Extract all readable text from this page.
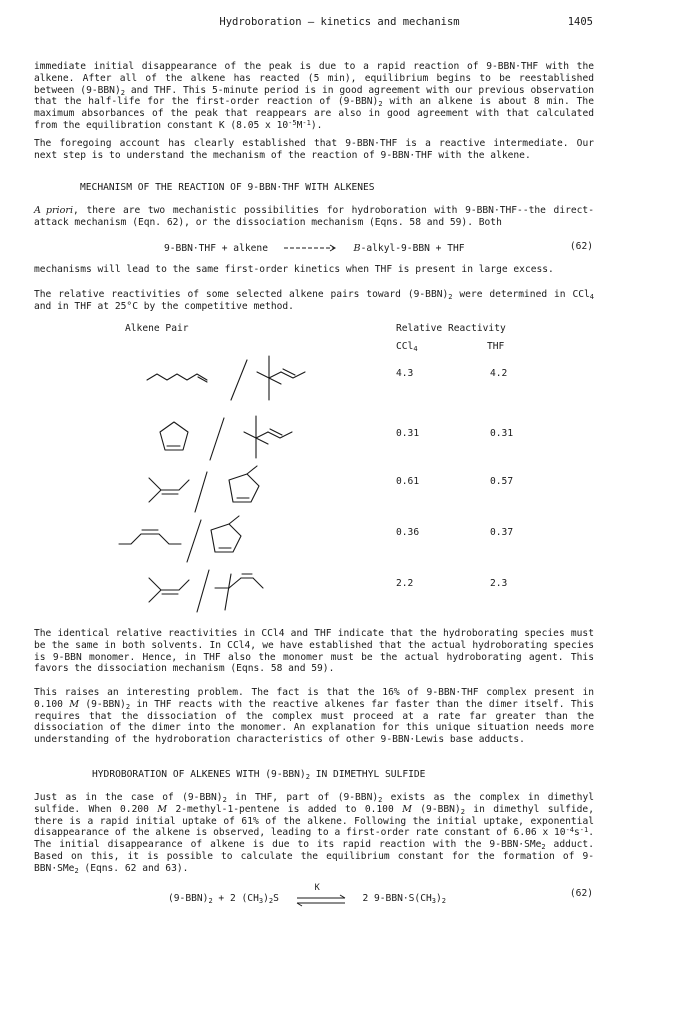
Hydroboration — kinetics and mechanism	1405

immediate initial disappearance of the peak is due to a rapid reaction of 9-BBN·THF with the alkene. After all of the alkene has reacted (5 min), equilibrium begins to be reestablished between $(9-BBN)_2$ and THF. This 5-minute period is in good agreement with our previous observation that the half-life for the first-order reaction of $(9-BBN)_2$ with an alkene is about 8 min. The maximum absorbances of the peak that reappears are also in good agreement with that calculated from the equilibration constant K (8.05 x $10^{-5}M^{-1}$).

The foregoing account has clearly established that 9-BBN·THF is a reactive intermediate. Our next step is to understand the mechanism of the reaction of 9-BBN·THF with the alkene.

MECHANISM OF THE REACTION OF 9-BBN·THF WITH ALKENES

A priori, there are two mechanistic possibilities for hydroboration with 9-BBN·THF--the direct-attack mechanism (Eqn. 62), or the dissociation mechanism (Eqns. 58 and 59). Both

9-BBN·THF + alkene	B-alkyl-9-BBN + THF	(62)

mechanisms will lead to the same first-order kinetics when THF is present in large excess.

The relative reactivities of some selected alkene pairs toward $(9-BBN)_2$ were determined in CCl$_4$ and in THF at 25°C by the competitive method.

Alkene Pair	Relative Reactivity
CCl$_4$	THF
4.3	4.2
0.31	0.31
0.61	0.57
0.36	0.37
2.2	2.3

The identical relative reactivities in CCl4 and THF indicate that the hydroborating species must be the same in both solvents. In CCl4, we have established that the actual hydroborating species is 9-BBN monomer. Hence, in THF also the monomer must be the actual hydroborating agent. This favors the dissociation mechanism (Eqns. 58 and 59).

This raises an interesting problem. The fact is that the 16% of 9-BBN·THF complex present in 0.100 M $(9-BBN)_2$ in THF reacts with the reactive alkenes far faster than the dimer itself. This requires that the dissociation of the complex must proceed at a rate far greater than the dissociation of the dimer into the monomer. An explanation for this unique situation needs more understanding of the hydroboration characteristics of other 9-BBN·Lewis base adducts.

HYDROBORATION OF ALKENES WITH $(9-BBN)_2$ IN DIMETHYL SULFIDE

Just as in the case of $(9-BBN)_2$ in THF, part of $(9-BBN)_2$ exists as the complex in dimethyl sulfide. When 0.200 M 2-methyl-1-pentene is added to 0.100 M $(9-BBN)_2$ in dimethyl sulfide, there is a rapid initial uptake of 61% of the alkene. Following the initial uptake, exponential disappearance of the alkene is observed, leading to a first-order rate constant of 6.06 x $10^{-4}s^{-1}$. The initial disappearance of alkene is due to its rapid reaction with the 9-BBN·SMe$_2$ adduct. Based on this, it is possible to calculate the equilibrium constant for the formation of 9-BBN·SMe$_2$ (Eqns. 62 and 63).

$(9-BBN)_2 + 2$ $(CH_3)_2S$
K
2 $9-BBN\cdot S(CH_3)_2$
(62)
